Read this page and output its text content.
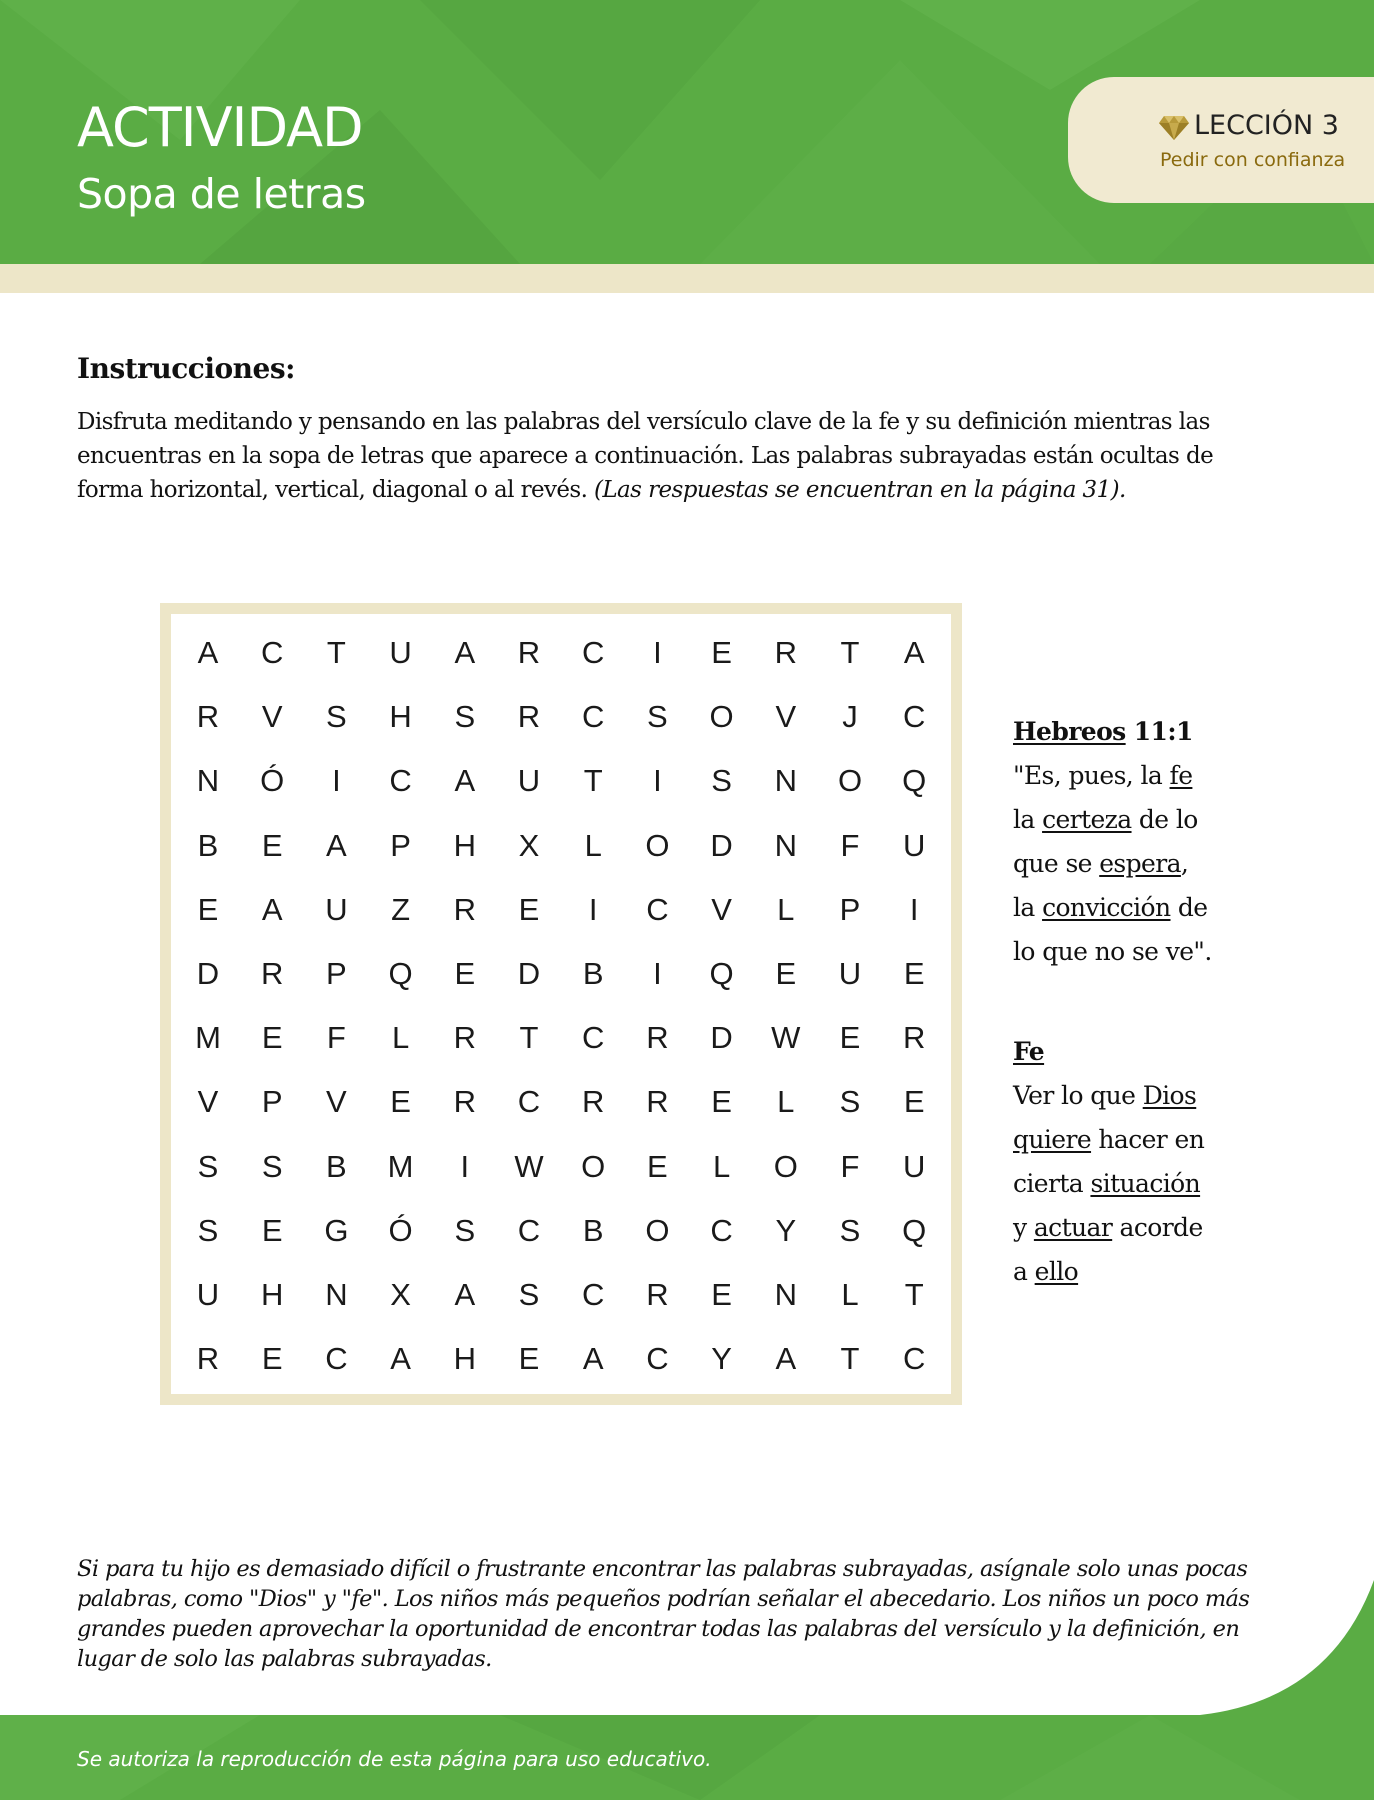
ACTIVIDAD
Sopa de letras
LECCIÓN 3
Pedir con confianza
Instrucciones:
Disfruta meditando y pensando en las palabras del versículo clave de la fe y su definición mientras las encuentras en la sopa de letras que aparece a continuación. Las palabras subrayadas están ocultas de forma horizontal, vertical, diagonal o al revés. (Las respuestas se encuentran en la página 31).
A	C	T	U	A	R	C	I	E	R	T	A
R	V	S	H	S	R	C	S	O	V	J	C
N	Ó	I	C	A	U	T	I	S	N	O	Q
B	E	A	P	H	X	L	O	D	N	F	U
E	A	U	Z	R	E	I	C	V	L	P	I
D	R	P	Q	E	D	B	I	Q	E	U	E
M	E	F	L	R	T	C	R	D	W	E	R
V	P	V	E	R	C	R	R	E	L	S	E
S	S	B	M	I	W	O	E	L	O	F	U
S	E	G	Ó	S	C	B	O	C	Y	S	Q
U	H	N	X	A	S	C	R	E	N	L	T
R	E	C	A	H	E	A	C	Y	A	T	C
Hebreos 11:1
"Es, pues, la fe
la certeza de lo
que se espera,
la convicción de
lo que no se ve".
Fe
Ver lo que Dios
quiere hacer en
cierta situación
y actuar acorde
a ello
Si para tu hijo es demasiado difícil o frustrante encontrar las palabras subrayadas, asígnale solo unas pocas palabras, como "Dios" y "fe". Los niños más pequeños podrían señalar el abecedario. Los niños un poco más grandes pueden aprovechar la oportunidad de encontrar todas las palabras del versículo y la definición, en lugar de solo las palabras subrayadas.
Se autoriza la reproducción de esta página para uso educativo.
